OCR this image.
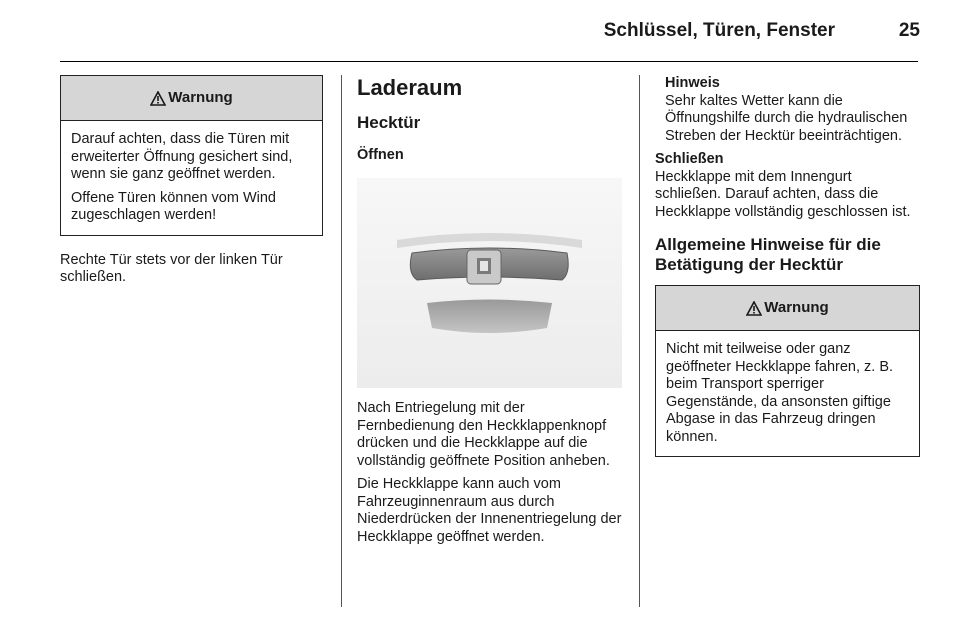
Schlüssel, Türen, Fenster	25
Warnung

Darauf achten, dass die Türen mit erweiterter Öffnung gesichert sind, wenn sie ganz geöffnet werden.

Offene Türen können vom Wind zugeschlagen werden!

Rechte Tür stets vor der linken Tür schließen.

Laderaum
Hecktür
Öffnen

Nach Entriegelung mit der Fernbedienung den Heckklappenknopf drücken und die Heckklappe auf die vollständig geöffnete Position anheben.

Die Heckklappe kann auch vom Fahrzeuginnenraum aus durch Niederdrücken der Innenentriegelung der Heckklappe geöffnet werden.

Hinweis
Sehr kaltes Wetter kann die Öffnungshilfe durch die hydraulischen Streben der Hecktür beeinträchtigen.
Schließen

Heckklappe mit dem Innengurt schließen. Darauf achten, dass die Heckklappe vollständig geschlossen ist.

Allgemeine Hinweise für die Betätigung der Hecktür
Warnung

Nicht mit teilweise oder ganz geöffneter Heckklappe fahren, z. B. beim Transport sperriger Gegenstände, da ansonsten giftige Abgase in das Fahrzeug dringen können.
